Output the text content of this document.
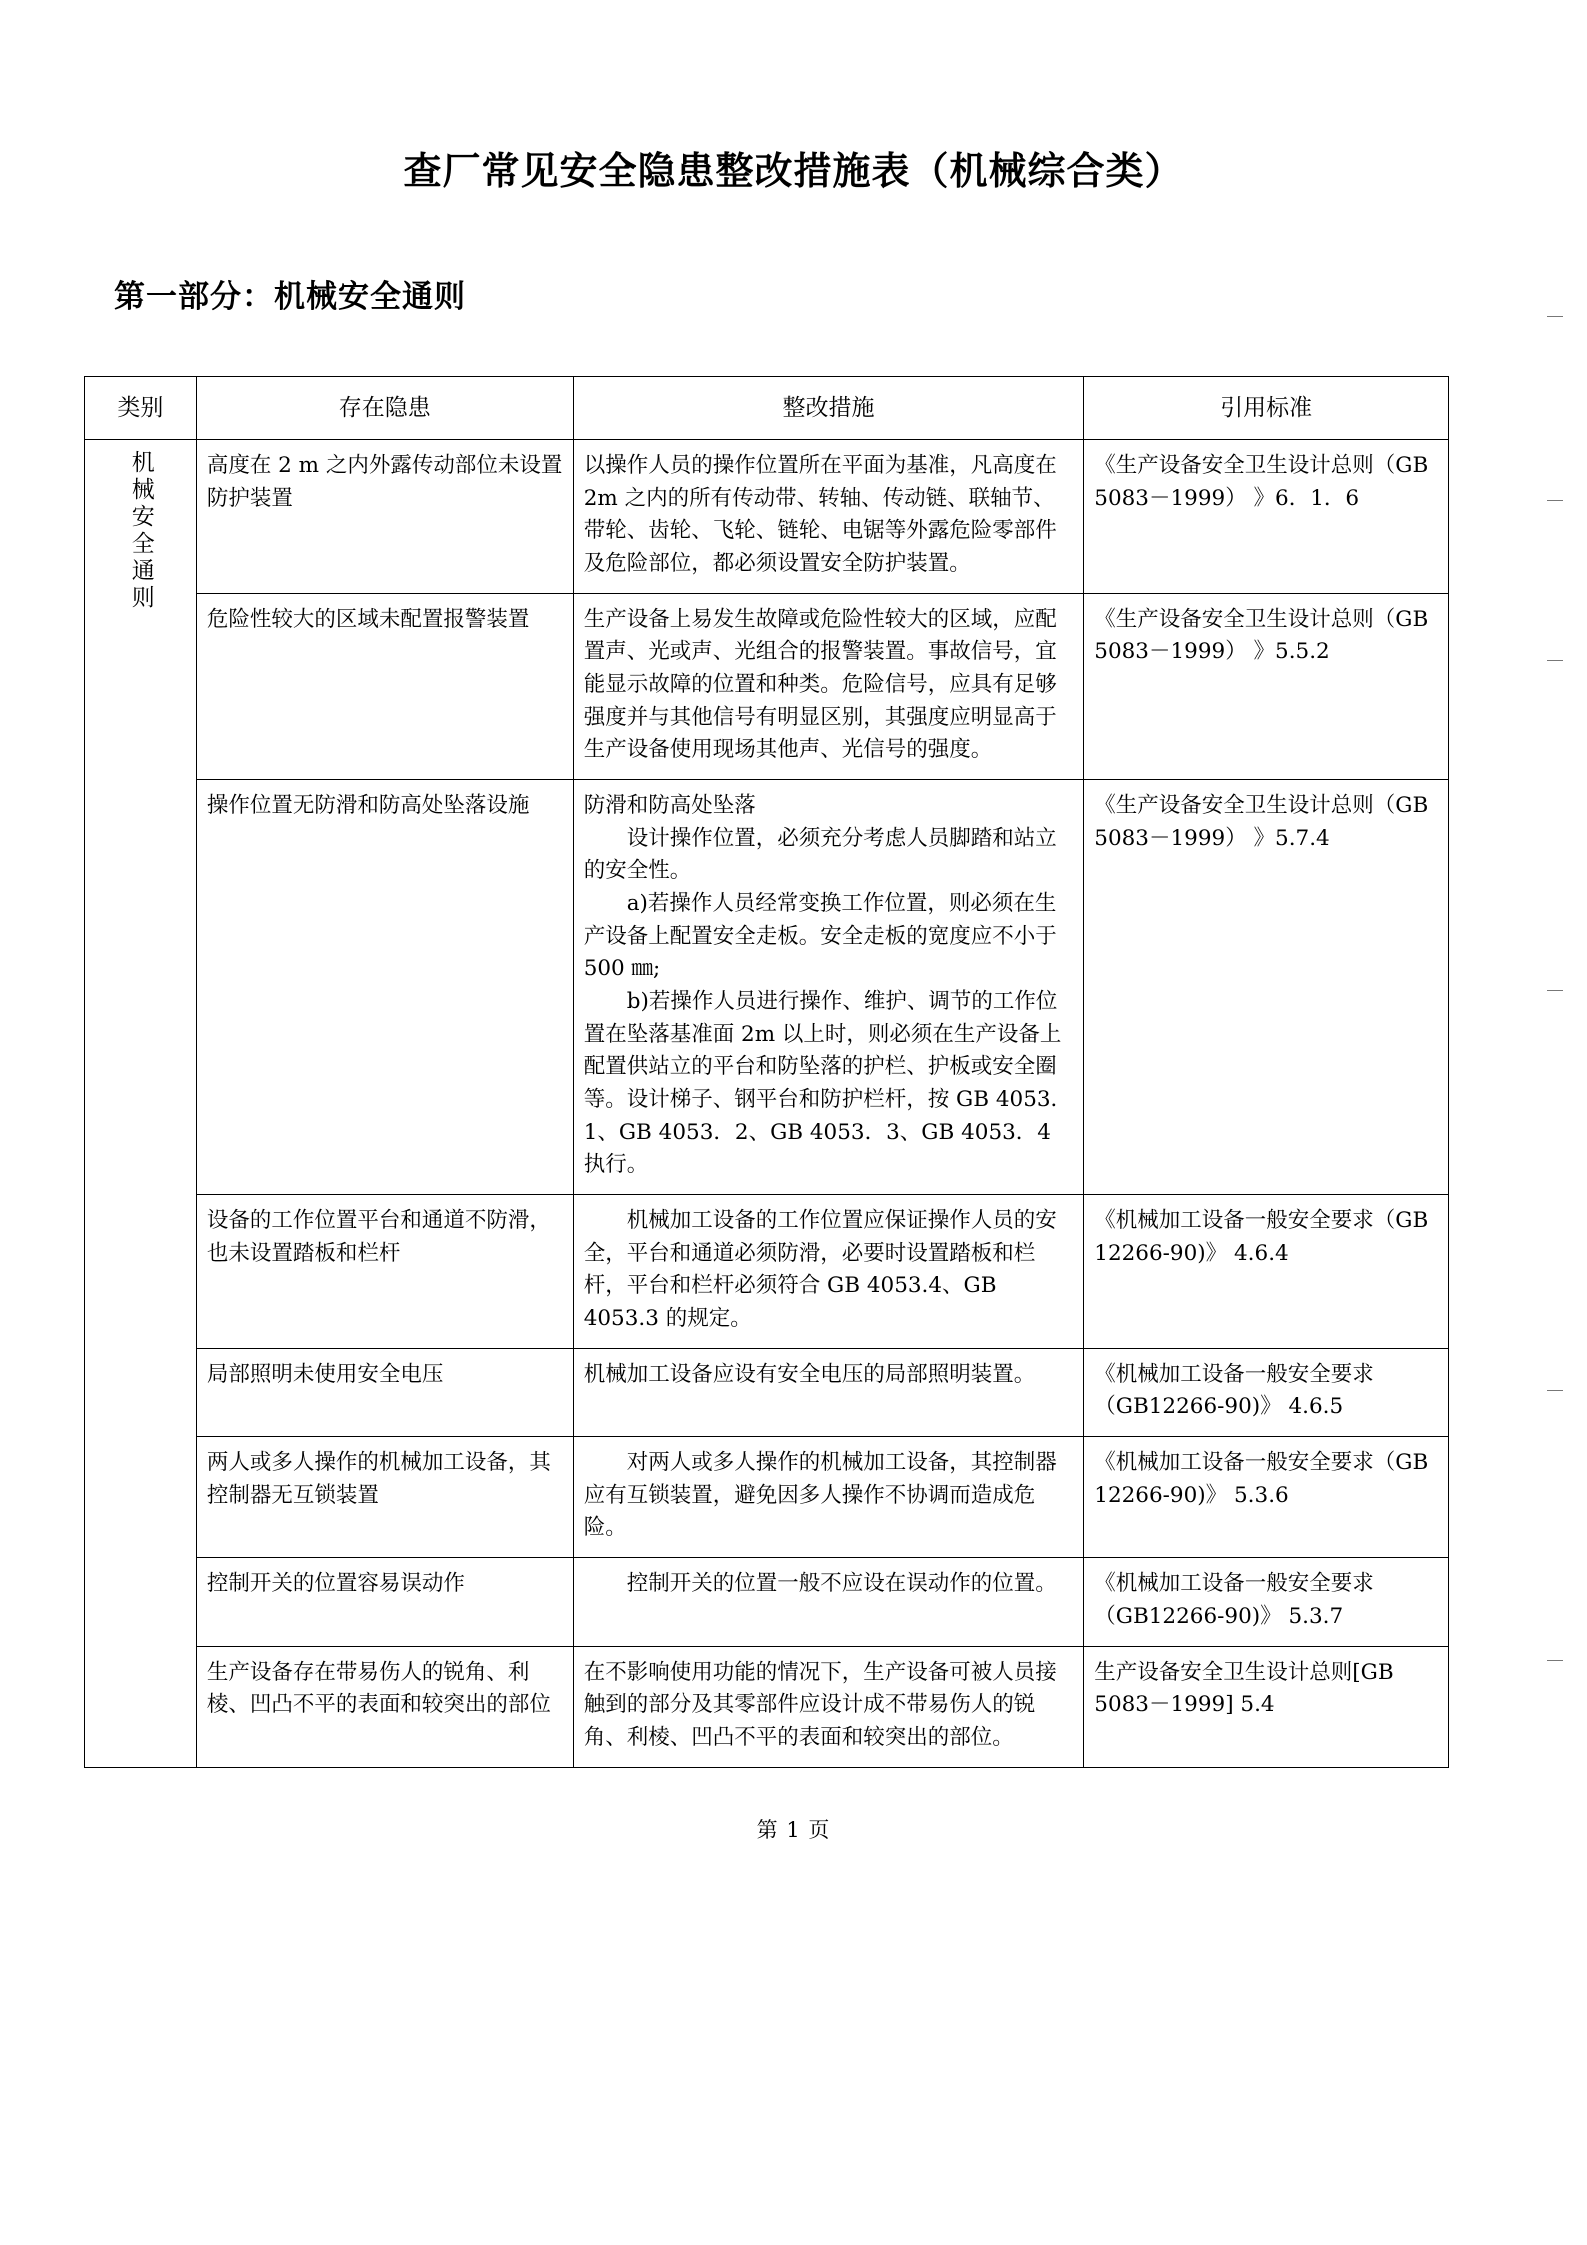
查厂常见安全隐患整改措施表（机械综合类）
第一部分：机械安全通则
类别	存在隐患	整改措施	引用标准
机械安全通则	高度在 2 m 之内外露传动部位未设置防护装置	以操作人员的操作位置所在平面为基准，凡高度在 2m 之内的所有传动带、转轴、传动链、联轴节、带轮、齿轮、飞轮、链轮、电锯等外露危险零部件及危险部位，都必须设置安全防护装置。	《生产设备安全卫生设计总则（GB 5083－1999） 》6．1．6
	危险性较大的区域未配置报警装置	生产设备上易发生故障或危险性较大的区域，应配置声、光或声、光组合的报警装置。事故信号，宜能显示故障的位置和种类。危险信号，应具有足够强度并与其他信号有明显区别，其强度应明显高于生产设备使用现场其他声、光信号的强度。	《生产设备安全卫生设计总则（GB 5083－1999） 》5.5.2
	操作位置无防滑和防高处坠落设施	防滑和防高处坠落

　　设计操作位置，必须充分考虑人员脚踏和站立的安全性。

　　a)若操作人员经常变换工作位置，则必须在生产设备上配置安全走板。安全走板的宽度应不小于 500 ㎜;

　　b)若操作人员进行操作、维护、调节的工作位置在坠落基准面 2m 以上时，则必须在生产设备上配置供站立的平台和防坠落的护栏、护板或安全圈等。设计梯子、钢平台和防护栏杆，按 GB 4053．1、GB 4053．2、GB 4053．3、GB 4053．4 执行。	《生产设备安全卫生设计总则（GB 5083－1999） 》5.7.4
	设备的工作位置平台和通道不防滑，也未设置踏板和栏杆	　　机械加工设备的工作位置应保证操作人员的安全，平台和通道必须防滑，必要时设置踏板和栏杆，平台和栏杆必须符合 GB 4053.4、GB 4053.3 的规定。	《机械加工设备一般安全要求（GB 12266-90)》 4.6.4
	局部照明未使用安全电压	机械加工设备应设有安全电压的局部照明装置。	《机械加工设备一般安全要求（GB12266-90)》 4.6.5
	两人或多人操作的机械加工设备，其控制器无互锁装置	　　对两人或多人操作的机械加工设备，其控制器应有互锁装置，避免因多人操作不协调而造成危险。	《机械加工设备一般安全要求（GB 12266-90)》 5.3.6
	控制开关的位置容易误动作	　　控制开关的位置一般不应设在误动作的位置。	《机械加工设备一般安全要求（GB12266-90)》 5.3.7
	生产设备存在带易伤人的锐角、利棱、凹凸不平的表面和较突出的部位	在不影响使用功能的情况下，生产设备可被人员接触到的部分及其零部件应设计成不带易伤人的锐角、利棱、凹凸不平的表面和较突出的部位。	生产设备安全卫生设计总则[GB 5083－1999] 5.4
第 1 页
